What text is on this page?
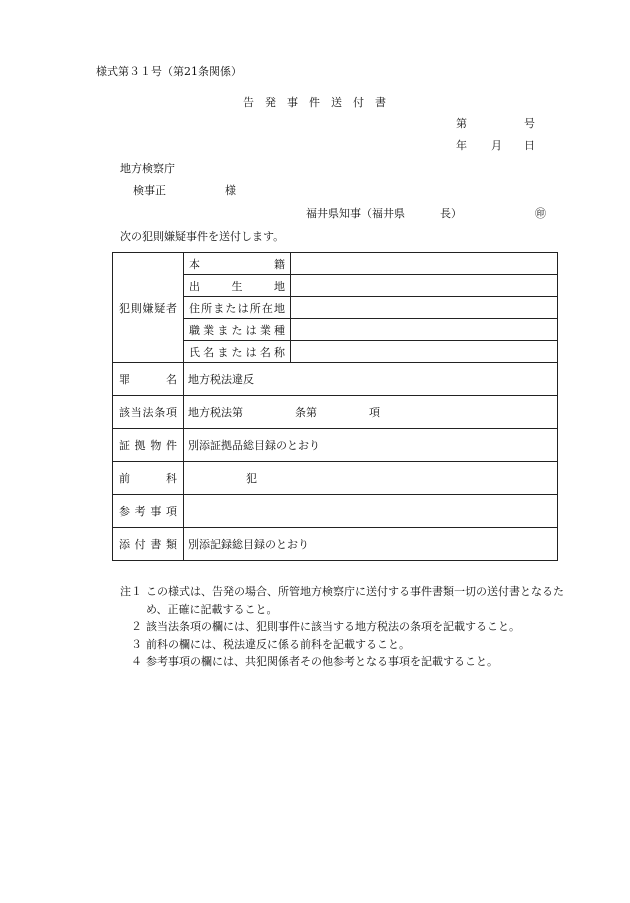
様式第３１号（第21条関係）
告　発　事　件　送　付　書
第	号
年 月 日
地方検察庁
検事正	様
福井県知事（福井県	長）	㊞
次の犯則嫌疑事件を送付します。
犯則嫌疑者	本籍	
	出生地	
	住所または所在地	
	職業または業種	
	氏名または名称	
罪名	地方税法違反	
該当法条項	地方税法第 条第 項	
証拠物件	別添証拠品総目録のとおり	
前科	犯	
参考事項		
添付書類	別添記録総目録のとおり	
注１ この様式は、告発の場合、所管地方検察庁に送付する事件書類一切の送付書となるため、正確に記載すること。
２ 該当法条項の欄には、犯則事件に該当する地方税法の条項を記載すること。
３ 前科の欄には、税法違反に係る前科を記載すること。
４ 参考事項の欄には、共犯関係者その他参考となる事項を記載すること。
